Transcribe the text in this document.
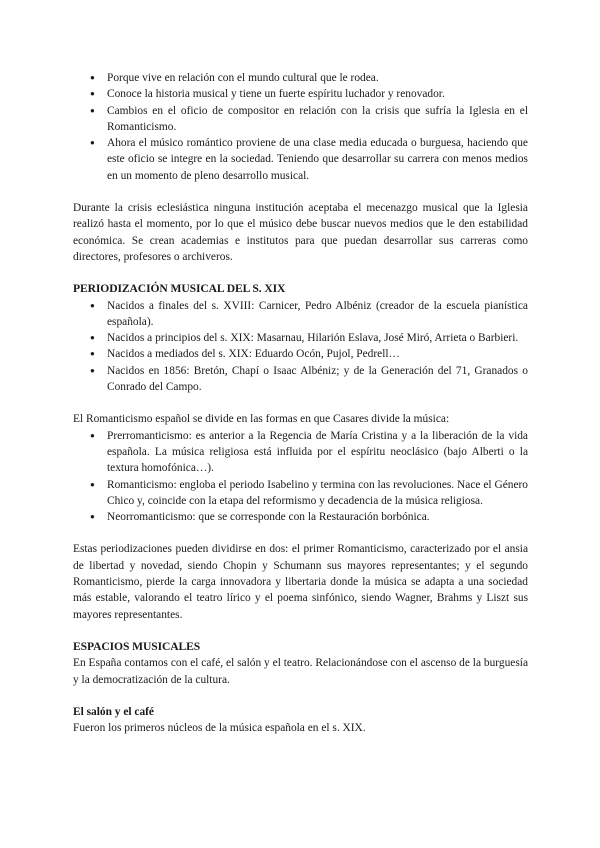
● Porque vive en relación con el mundo cultural que le rodea.
● Conoce la historia musical y tiene un fuerte espíritu luchador y renovador.
● Cambios en el oficio de compositor en relación con la crisis que sufría la Iglesia en el Romanticismo.
● Ahora el músico romántico proviene de una clase media educada o burguesa, haciendo que este oficio se integre en la sociedad. Teniendo que desarrollar su carrera con menos medios en un momento de pleno desarrollo musical.

Durante la crisis eclesiástica ninguna institución aceptaba el mecenazgo musical que la Iglesia realizó hasta el momento, por lo que el músico debe buscar nuevos medios que le den estabilidad económica. Se crean academias e institutos para que puedan desarrollar sus carreras como directores, profesores o archiveros.

PERIODIZACIÓN MUSICAL DEL S. XIX
● Nacidos a finales del s. XVIII: Carnicer, Pedro Albéniz (creador de la escuela pianística española).
● Nacidos a principios del s. XIX: Masarnau, Hilarión Eslava, José Miró, Arrieta o Barbieri.
● Nacidos a mediados del s. XIX: Eduardo Ocón, Pujol, Pedrell…
● Nacidos en 1856: Bretón, Chapí o Isaac Albéniz; y de la Generación del 71, Granados o Conrado del Campo.

El Romanticismo español se divide en las formas en que Casares divide la música:

● Prerromanticismo: es anterior a la Regencia de María Cristina y a la liberación de la vida española. La música religiosa está influida por el espíritu neoclásico (bajo Alberti o la textura homofónica…).
● Romanticismo: engloba el periodo Isabelino y termina con las revoluciones. Nace el Género Chico y, coincide con la etapa del reformismo y decadencia de la música religiosa.
● Neorromanticismo: que se corresponde con la Restauración borbónica.

Estas periodizaciones pueden dividirse en dos: el primer Romanticismo, caracterizado por el ansia de libertad y novedad, siendo Chopin y Schumann sus mayores representantes; y el segundo Romanticismo, pierde la carga innovadora y libertaria donde la música se adapta a una sociedad más estable, valorando el teatro lírico y el poema sinfónico, siendo Wagner, Brahms y Liszt sus mayores representantes.

ESPACIOS MUSICALES

En España contamos con el café, el salón y el teatro. Relacionándose con el ascenso de la burguesía y la democratización de la cultura.

El salón y el café

Fueron los primeros núcleos de la música española en el s. XIX.
